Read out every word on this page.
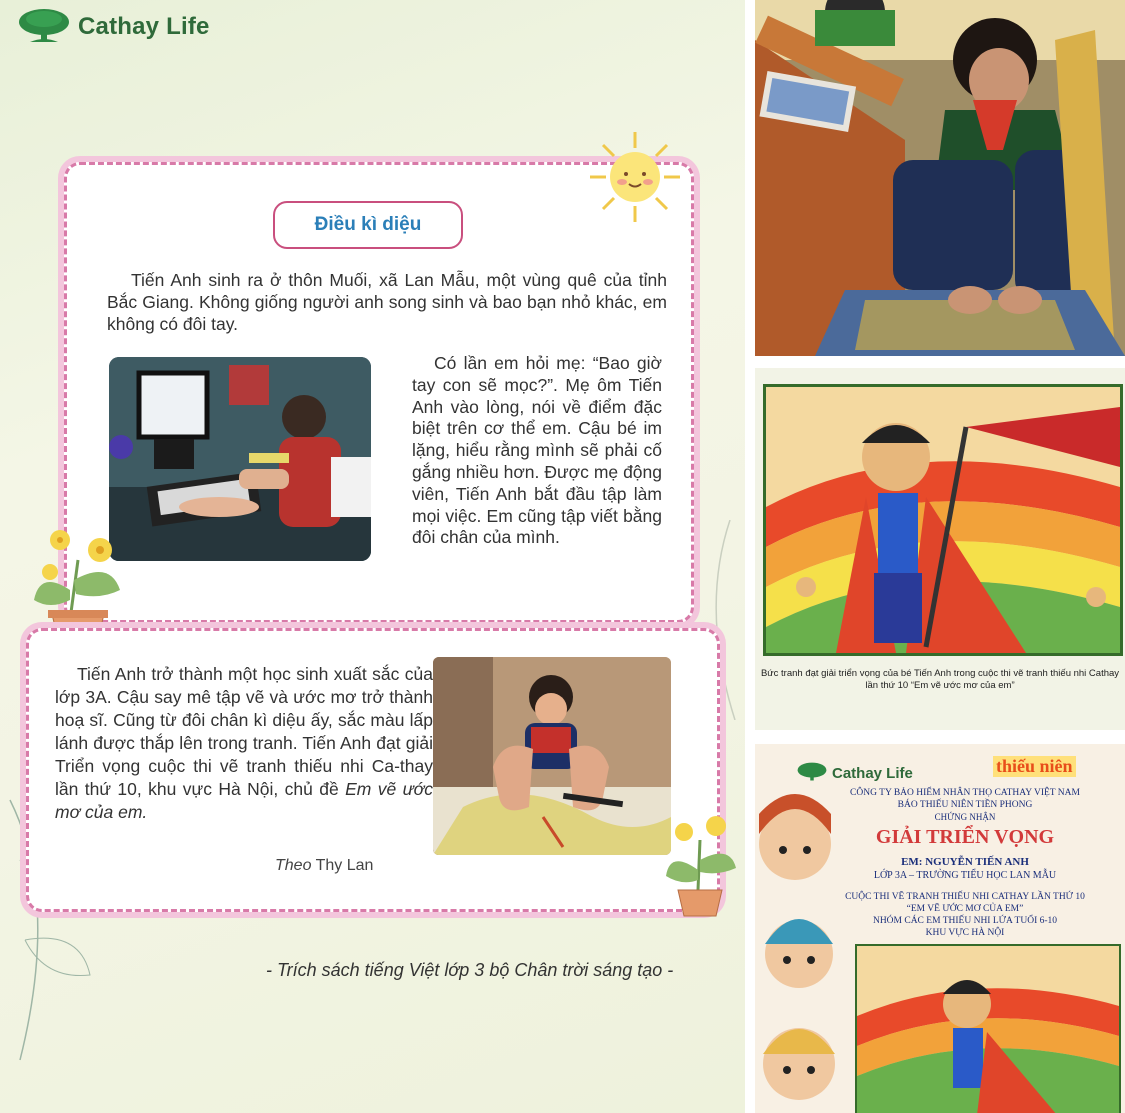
Cathay Life
Điều kì diệu
Tiến Anh sinh ra ở thôn Muối, xã Lan Mẫu, một vùng quê của tỉnh Bắc Giang. Không giống người anh song sinh và bao bạn nhỏ khác, em không có đôi tay.
Có lần em hỏi mẹ: “Bao giờ tay con sẽ mọc?”. Mẹ ôm Tiến Anh vào lòng, nói về điểm đặc biệt trên cơ thể em. Cậu bé im lặng, hiểu rằng mình sẽ phải cố gắng nhiều hơn. Được mẹ động viên, Tiến Anh bắt đầu tập làm mọi việc. Em cũng tập viết bằng đôi chân của mình.
Tiến Anh trở thành một học sinh xuất sắc của lớp 3A. Cậu say mê tập vẽ và ước mơ trở thành hoạ sĩ. Cũng từ đôi chân kì diệu ấy, sắc màu lấp lánh được thắp lên trong tranh. Tiến Anh đạt giải Triển vọng cuộc thi vẽ tranh thiếu nhi Ca-thay lần thứ 10, khu vực Hà Nội, chủ đề Em vẽ ước mơ của em.
Theo Thy Lan
- Trích sách tiếng Việt lớp 3 bộ Chân trời sáng tạo -
Bức tranh đạt giải triển vọng của bé Tiến Anh trong cuộc thi vẽ tranh thiếu nhi Cathay lần thứ 10 “Em vẽ ước mơ của em”
Cathay Life	thiếu niên
CÔNG TY BẢO HIỂM NHÂN THỌ CATHAY VIỆT NAM
BÁO THIẾU NIÊN TIỀN PHONG
CHỨNG NHẬN
GIẢI TRIỂN VỌNG
EM: NGUYỄN TIẾN ANH
LỚP 3A – TRƯỜNG TIỂU HỌC LAN MẪU
CUỘC THI VẼ TRANH THIẾU NHI CATHAY LẦN THỨ 10
“EM VẼ ƯỚC MƠ CỦA EM”
NHÓM CÁC EM THIẾU NHI LỨA TUỔI 6-10
KHU VỰC HÀ NỘI
